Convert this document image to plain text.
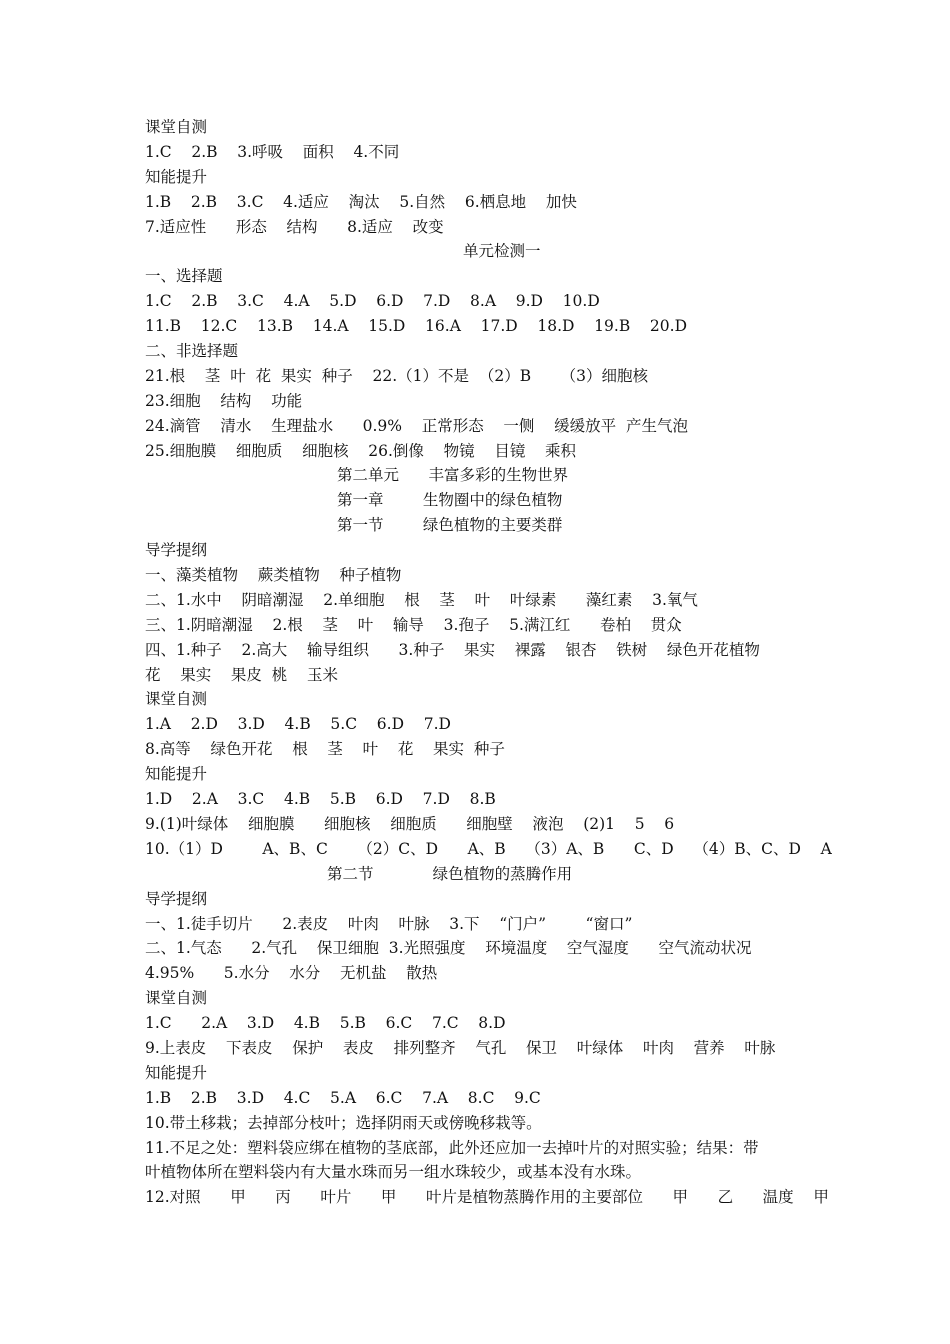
课堂自测
1.C    2.B    3.呼吸    面积    4.不同
知能提升
1.B    2.B    3.C    4.适应    淘汰    5.自然    6.栖息地    加快
7.适应性      形态    结构      8.适应    改变
单元检测一
一、选择题
1.C    2.B    3.C    4.A    5.D    6.D    7.D    8.A    9.D    10.D
11.B    12.C    13.B    14.A    15.D    16.A    17.D    18.D    19.B    20.D
二、非选择题
21.根    茎  叶  花  果实  种子    22.（1）不是  （2）B      （3）细胞核
23.细胞    结构    功能
24.滴管    清水    生理盐水      0.9%    正常形态    一侧    缓缓放平  产生气泡
25.细胞膜    细胞质    细胞核    26.倒像    物镜    目镜    乘积
第二单元      丰富多彩的生物世界
第一章        生物圈中的绿色植物
第一节        绿色植物的主要类群
导学提纲
一、藻类植物    蕨类植物    种子植物
二、1.水中    阴暗潮湿    2.单细胞    根    茎    叶    叶绿素      藻红素    3.氧气
三、1.阴暗潮湿    2.根    茎    叶    输导    3.孢子    5.满江红      卷柏    贯众
四、1.种子    2.高大    输导组织      3.种子    果实    裸露    银杏    铁树    绿色开花植物
花    果实    果皮  桃    玉米
课堂自测
1.A    2.D    3.D    4.B    5.C    6.D    7.D
8.高等    绿色开花    根    茎    叶    花    果实  种子
知能提升
1.D    2.A    3.C    4.B    5.B    6.D    7.D    8.B
9.(1)叶绿体    细胞膜      细胞核    细胞质      细胞壁    液泡    (2)1    5    6
10.（1）D        A、B、C      （2）C、D      A、B    （3）A、B      C、D    （4）B、C、D    A
第二节            绿色植物的蒸腾作用
导学提纲
一、1.徒手切片      2.表皮    叶肉    叶脉    3.下    “门户”        “窗口”
二、1.气态      2.气孔    保卫细胞  3.光照强度    环境温度    空气湿度      空气流动状况
4.95%      5.水分    水分    无机盐    散热
课堂自测
1.C      2.A    3.D    4.B    5.B    6.C    7.C    8.D
9.上表皮    下表皮    保护    表皮    排列整齐    气孔    保卫    叶绿体    叶肉    营养    叶脉
知能提升
1.B    2.B    3.D    4.C    5.A    6.C    7.A    8.C    9.C
10.带土移栽；去掉部分枝叶；选择阴雨天或傍晚移栽等。
11.不足之处：塑料袋应绑在植物的茎底部，此外还应加一去掉叶片的对照实验；结果：带
叶植物体所在塑料袋内有大量水珠而另一组水珠较少，或基本没有水珠。
12.对照      甲      丙      叶片      甲      叶片是植物蒸腾作用的主要部位      甲      乙      温度    甲
